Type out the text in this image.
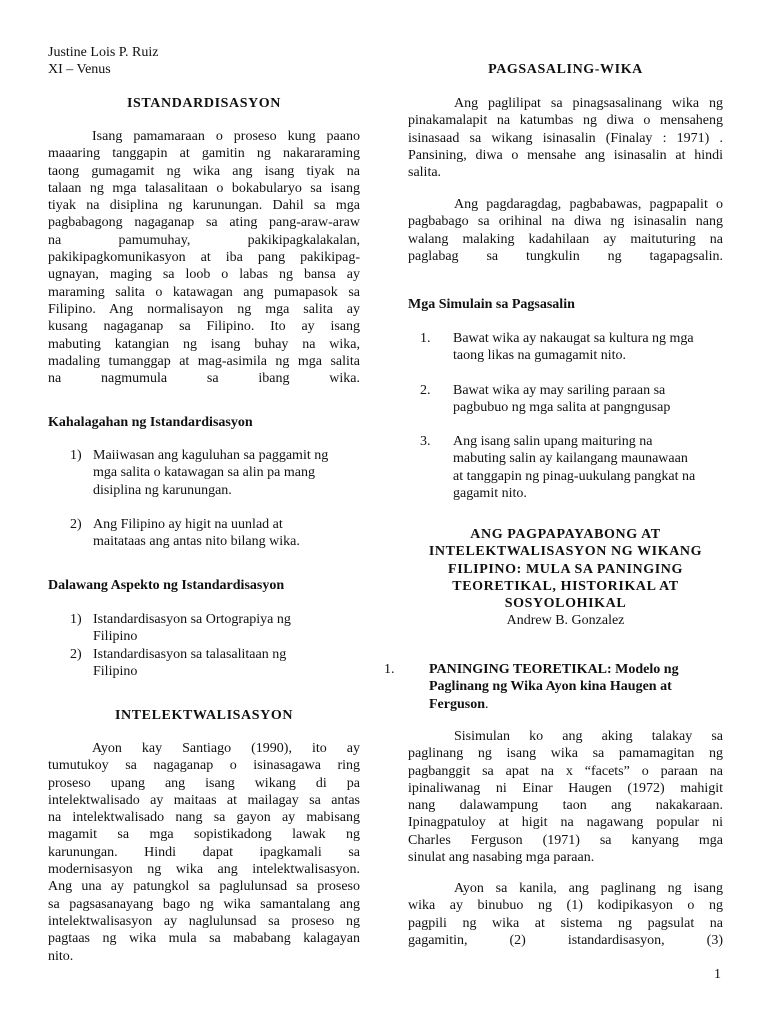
Justine Lois P. Ruiz
XI – Venus
ISTANDARDISASYON
Isang pamamaraan o proseso kung paano
maaaring tanggapin at gamitin ng nakararaming
taong gumagamit ng wika ang isang tiyak na
talaan ng mga talasalitaan o bokabularyo sa isang
tiyak na disiplina ng karunungan. Dahil sa mga
pagbabagong nagaganap sa ating pang-araw-araw
na pamumuhay, pakikipagkalakalan,
pakikipagkomunikasyon at iba pang pakikipag-
ugnayan, maging sa loob o labas ng bansa ay
maraming salita o katawagan ang pumapasok sa
Filipino. Ang normalisayon ng mga salita ay
kusang nagaganap sa Filipino. Ito ay isang
mabuting katangian ng isang buhay na wika,
madaling tumanggap at mag-asimila ng mga salita
na nagmumula sa ibang wika.
Kahalagahan ng Istandardisasyon
1) Maiiwasan ang kaguluhan sa paggamit ng
mga salita o katawagan sa alin pa mang
disiplina ng karunungan.
2) Ang Filipino ay higit na uunlad at
maitataas ang antas nito bilang wika.
Dalawang Aspekto ng Istandardisasyon
1) Istandardisasyon sa Ortograpiya ng
Filipino
2) Istandardisasyon sa talasalitaan ng
Filipino
INTELEKTWALISASYON
Ayon kay Santiago (1990), ito ay
tumutukoy sa nagaganap o isinasagawa ring
proseso upang ang isang wikang di pa
intelektwalisado ay maitaas at mailagay sa antas
na intelektwalisado nang sa gayon ay mabisang
magamit sa mga sopistikadong lawak ng
karunungan. Hindi dapat ipagkamali sa
modernisasyon ng wika ang intelektwalisasyon.
Ang una ay patungkol sa paglulunsad sa proseso
sa pagsasanayang bago ng wika samantalang ang
intelektwalisasyon ay naglulunsad sa proseso ng
pagtaas ng wika mula sa mababang kalagayan
nito.
PAGSASALING-WIKA
Ang paglilipat sa pinagsasalinang wika ng
pinakamalapit na katumbas ng diwa o mensaheng
isinasaad sa wikang isinasalin (Finalay : 1971) .
Pansining, diwa o mensahe ang isinasalin at hindi
salita.
Ang pagdaragdag, pagbabawas, pagpapalit o
pagbabago sa orihinal na diwa ng isinasalin nang
walang malaking kadahilaan ay maituturing na
paglabag sa tungkulin ng tagapagsalin.
Mga Simulain sa Pagsasalin
1. Bawat wika ay nakaugat sa kultura ng mga
taong likas na gumagamit nito.
2. Bawat wika ay may sariling paraan sa
pagbubuo ng mga salita at pangngusap
3. Ang isang salin upang maituring na
mabuting salin ay kailangang maunawaan
at tanggapin ng pinag-uukulang pangkat na
gagamit nito.
ANG PAGPAPAYABONG AT
INTELEKTWALISASYON NG WIKANG
FILIPINO: MULA SA PANINGING
TEORETIKAL, HISTORIKAL AT
SOSYOLOHIKAL
Andrew B. Gonzalez
1. PANINGING TEORETIKAL: Modelo ng
Paglinang ng Wika Ayon kina Haugen at
Ferguson.
Sisimulan ko ang aking talakay sa
paglinang ng isang wika sa pamamagitan ng
pagbanggit sa apat na x “facets” o paraan na
ipinaliwanag ni Einar Haugen (1972) mahigit
nang dalawampung taon ang nakakaraan.
Ipinagpatuloy at higit na nagawang popular ni
Charles Ferguson (1971) sa kanyang mga
sinulat ang nasabing mga paraan.
Ayon sa kanila, ang paglinang ng isang
wika ay binubuo ng (1) kodipikasyon o ng
pagpili ng wika at sistema ng pagsulat na
gagamitin, (2) istandardisasyon, (3)
1
